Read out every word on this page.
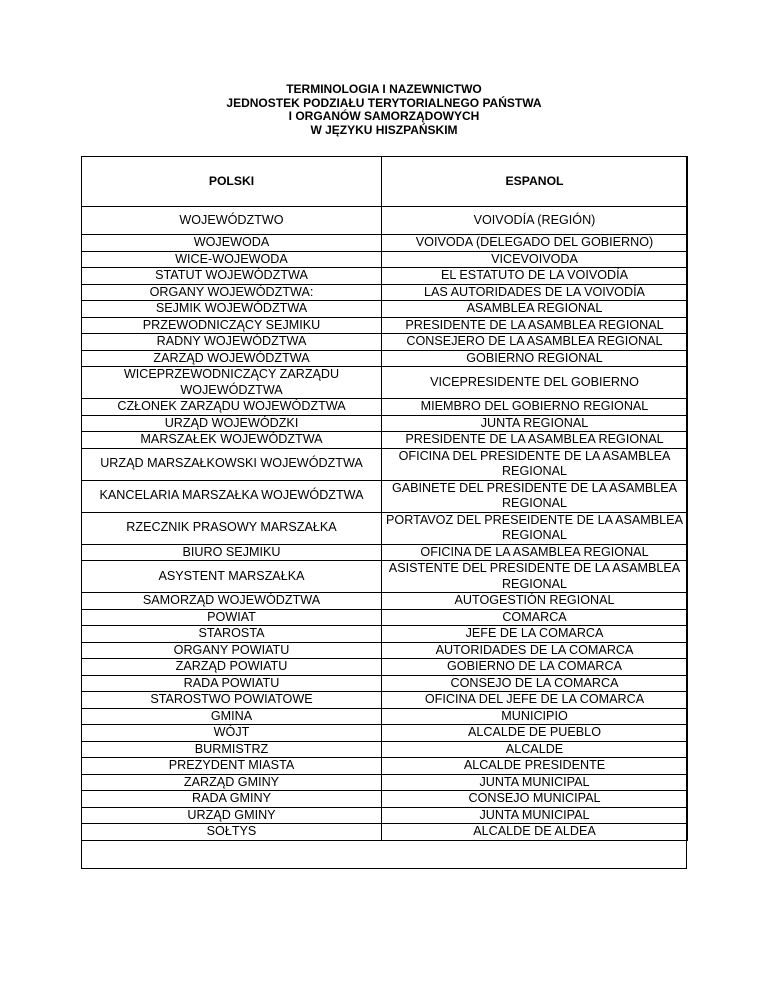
TERMINOLOGIA I NAZEWNICTWO
JEDNOSTEK PODZIAŁU TERYTORIALNEGO PAŃSTWA
I ORGANÓW SAMORZĄDOWYCH
W JĘZYKU HISZPAŃSKIM
POLSKI	ESPANOL
WOJEWÓDZTWO	VOIVODÍA (REGIÓN)
WOJEWODA	VOIVODA (DELEGADO DEL GOBIERNO)
WICE-WOJEWODA	VICEVOIVODA
STATUT WOJEWÓDZTWA	EL ESTATUTO DE LA VOIVODÍA
ORGANY WOJEWÓDZTWA:	LAS AUTORIDADES DE LA VOIVODÍA
SEJMIK WOJEWÓDZTWA	ASAMBLEA REGIONAL
PRZEWODNICZĄCY SEJMIKU	PRESIDENTE DE LA ASAMBLEA REGIONAL
RADNY WOJEWÓDZTWA	CONSEJERO DE LA ASAMBLEA REGIONAL
ZARZĄD WOJEWÓDZTWA	GOBIERNO REGIONAL
WICEPRZEWODNICZĄCY ZARZĄDU WOJEWÓDZTWA	VICEPRESIDENTE DEL GOBIERNO
CZŁONEK ZARZĄDU WOJEWÓDZTWA	MIEMBRO DEL GOBIERNO REGIONAL
URZĄD WOJEWÓDZKI	JUNTA REGIONAL
MARSZAŁEK WOJEWÓDZTWA	PRESIDENTE DE LA ASAMBLEA REGIONAL
URZĄD MARSZAŁKOWSKI WOJEWÓDZTWA	OFICINA DEL PRESIDENTE DE LA ASAMBLEA REGIONAL
KANCELARIA MARSZAŁKA WOJEWÓDZTWA	GABINETE DEL PRESIDENTE DE LA ASAMBLEA REGIONAL
RZECZNIK PRASOWY MARSZAŁKA	PORTAVOZ DEL PRESEIDENTE DE LA ASAMBLEA REGIONAL
BIURO SEJMIKU	OFICINA DE LA ASAMBLEA REGIONAL
ASYSTENT MARSZAŁKA	ASISTENTE DEL PRESIDENTE DE LA ASAMBLEA REGIONAL
SAMORZĄD WOJEWÓDZTWA	AUTOGESTIÓN REGIONAL
POWIAT	COMARCA
STAROSTA	JEFE DE LA COMARCA
ORGANY POWIATU	AUTORIDADES DE LA COMARCA
ZARZĄD POWIATU	GOBIERNO DE LA COMARCA
RADA POWIATU	CONSEJO DE LA COMARCA
STAROSTWO POWIATOWE	OFICINA DEL JEFE DE LA COMARCA
GMINA	MUNICIPIO
WÓJT	ALCALDE DE PUEBLO
BURMISTRZ	ALCALDE
PREZYDENT MIASTA	ALCALDE PRESIDENTE
ZARZĄD GMINY	JUNTA MUNICIPAL
RADA GMINY	CONSEJO MUNICIPAL
URZĄD GMINY	JUNTA MUNICIPAL
SOŁTYS	ALCALDE DE ALDEA
